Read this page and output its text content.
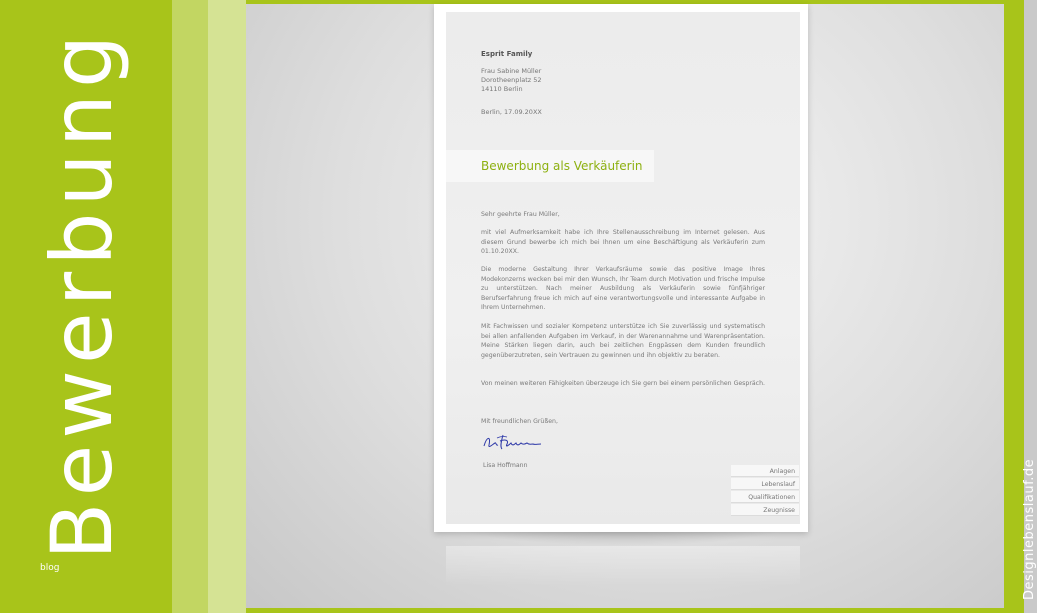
Bewerbung
blog	Designlebenslauf.de
Esprit Family
Frau Sabine Müller
Dorotheenplatz 52
14110 Berlin
Berlin, 17.09.20XX
Bewerbung als Verkäuferin
Sehr geehrte Frau Müller,
mit viel Aufmerksamkeit habe ich Ihre Stellenausschreibung im Internet gelesen. Aus diesem Grund bewerbe ich mich bei Ihnen um eine Beschäftigung als Verkäuferin zum 01.10.20XX.
Die moderne Gestaltung Ihrer Verkaufsräume sowie das positive Image Ihres Modekonzerns wecken bei mir den Wunsch, Ihr Team durch Motivation und frische Impulse zu unterstützen. Nach meiner Ausbildung als Verkäuferin sowie fünfjähriger Berufserfahrung freue ich mich auf eine verantwortungsvolle und interessante Aufgabe in Ihrem Unternehmen.
Mit Fachwissen und sozialer Kompetenz unterstütze ich Sie zuverlässig und systematisch bei allen anfallenden Aufgaben im Verkauf, in der Warenannahme und Warenpräsentation. Meine Stärken liegen darin, auch bei zeitlichen Engpässen dem Kunden freundlich gegenüberzutreten, sein Vertrauen zu gewinnen und ihn objektiv zu beraten.
Von meinen weiteren Fähigkeiten überzeuge ich Sie gern bei einem persönlichen Gespräch.
Mit freundlichen Grüßen,
Lisa Hoffmann
Anlagen
Lebenslauf
Qualifikationen
Zeugnisse
